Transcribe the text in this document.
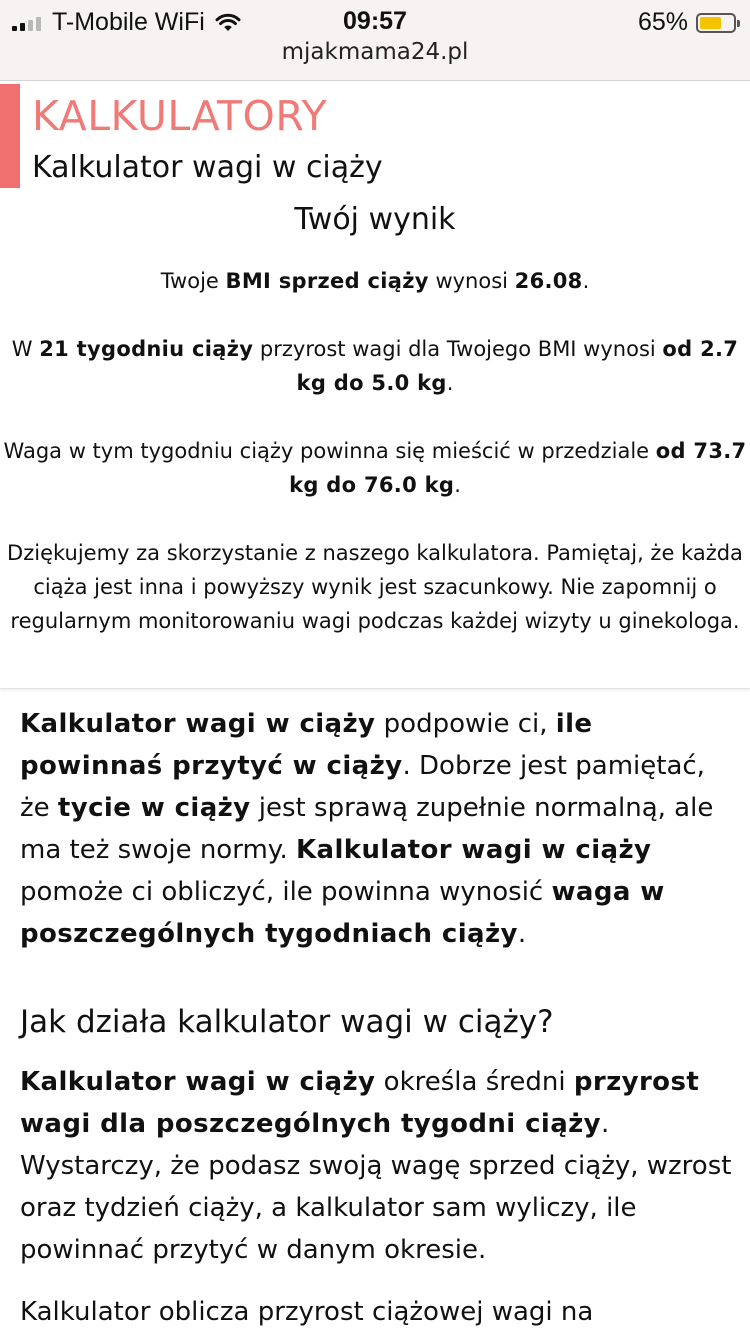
T-Mobile WiFi	09:57	65%
mjakmama24.pl
KALKULATORY
Kalkulator wagi w ciąży
Twój wynik
Twoje BMI sprzed ciąży wynosi 26.08.
W 21 tygodniu ciąży przyrost wagi dla Twojego BMI wynosi od 2.7 kg do 5.0 kg.
Waga w tym tygodniu ciąży powinna się mieścić w przedziale od 73.7 kg do 76.0 kg.
Dziękujemy za skorzystanie z naszego kalkulatora. Pamiętaj, że każda ciąża jest inna i powyższy wynik jest szacunkowy. Nie zapomnij o regularnym monitorowaniu wagi podczas każdej wizyty u ginekologa.

Kalkulator wagi w ciąży podpowie ci, ile powinnaś przytyć w ciąży. Dobrze jest pamiętać, że tycie w ciąży jest sprawą zupełnie normalną, ale ma też swoje normy. Kalkulator wagi w ciąży pomoże ci obliczyć, ile powinna wynosić waga w poszczególnych tygodniach ciąży.

Jak działa kalkulator wagi w ciąży?

Kalkulator wagi w ciąży określa średni przyrost wagi dla poszczególnych tygodni ciąży. Wystarczy, że podasz swoją wagę sprzed ciąży, wzrost oraz tydzień ciąży, a kalkulator sam wyliczy, ile powinnać przytyć w danym okresie.

Kalkulator oblicza przyrost ciążowej wagi na
